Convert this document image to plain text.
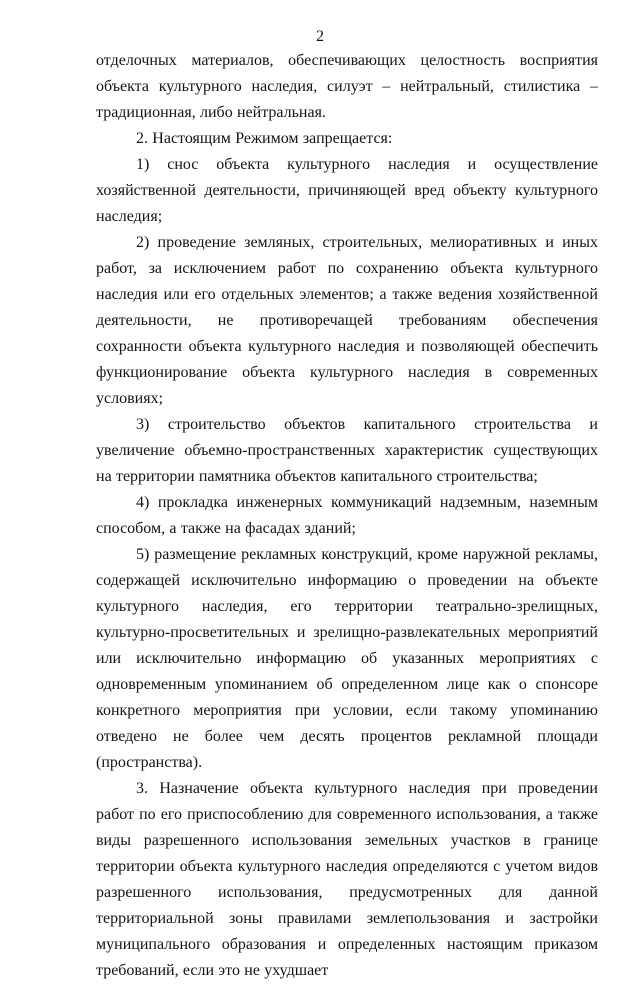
2

отделочных материалов, обеспечивающих целостность восприятия объекта культурного наследия, силуэт – нейтральный, стилистика – традиционная, либо нейтральная.

2. Настоящим Режимом запрещается:

1) снос объекта культурного наследия и осуществление хозяйственной деятельности, причиняющей вред объекту культурного наследия;

2) проведение земляных, строительных, мелиоративных и иных работ, за исключением работ по сохранению объекта культурного наследия или его отдельных элементов; а также ведения хозяйственной деятельности, не противоречащей требованиям обеспечения сохранности объекта культурного наследия и позволяющей обеспечить функционирование объекта культурного наследия в современных условиях;

3) строительство объектов капитального строительства и увеличение объемно-пространственных характеристик существующих на территории памятника объектов капитального строительства;

4) прокладка инженерных коммуникаций надземным, наземным способом, а также на фасадах зданий;

5) размещение рекламных конструкций, кроме наружной рекламы, содержащей исключительно информацию о проведении на объекте культурного наследия, его территории театрально-зрелищных, культурно-просветительных и зрелищно-развлекательных мероприятий или исключительно информацию об указанных мероприятиях с одновременным упоминанием об определенном лице как о спонсоре конкретного мероприятия при условии, если такому упоминанию отведено не более чем десять процентов рекламной площади (пространства).

3. Назначение объекта культурного наследия при проведении работ по его приспособлению для современного использования, а также виды разрешенного использования земельных участков в границе территории объекта культурного наследия определяются с учетом видов разрешенного использования, предусмотренных для данной территориальной зоны правилами землепользования и застройки муниципального образования и определенных настоящим приказом требований, если это не ухудшает
